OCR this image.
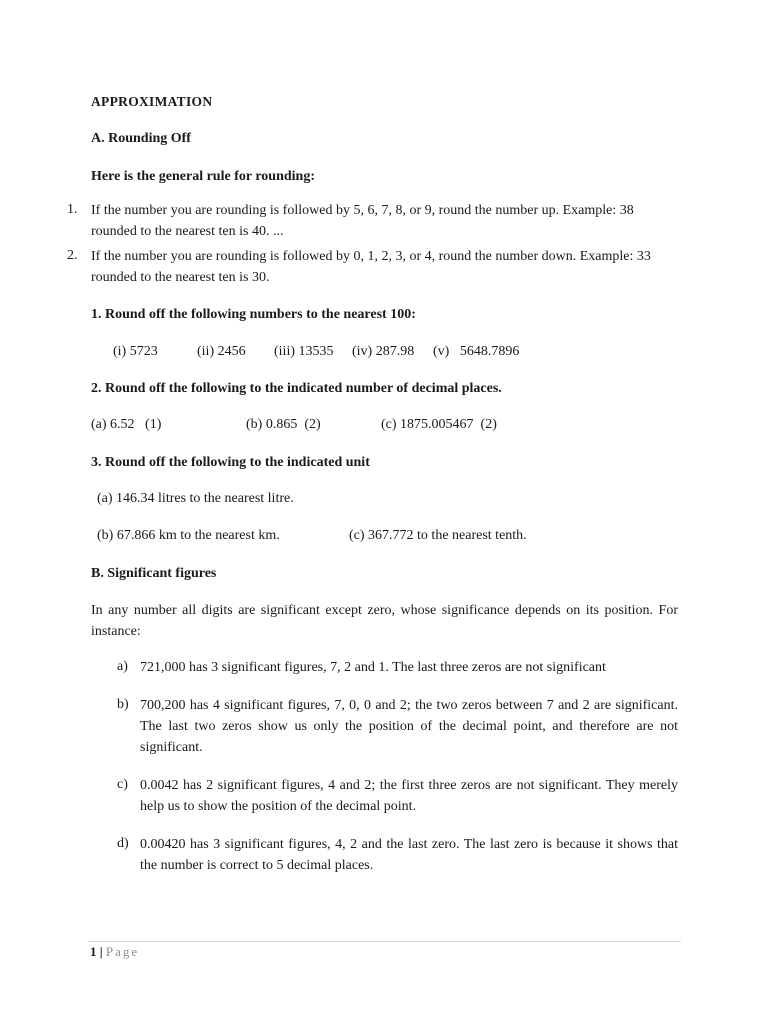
APPROXIMATION
A. Rounding Off
Here is the general rule for rounding:
1. If the number you are rounding is followed by 5, 6, 7, 8, or 9, round the number up. Example: 38 rounded to the nearest ten is 40. ...
2. If the number you are rounding is followed by 0, 1, 2, 3, or 4, round the number down. Example: 33 rounded to the nearest ten is 30.
1. Round off the following numbers to the nearest 100:
(i) 5723	(ii) 2456 (iii) 13535 (iv) 287.98 (v)   5648.7896
2. Round off the following to the indicated number of decimal places.
(a) 6.52   (1)	(b) 0.865  (2)	(c) 1875.005467  (2)
3. Round off the following to the indicated unit
(a) 146.34 litres to the nearest litre.
(b) 67.866 km to the nearest km.	(c) 367.772 to the nearest tenth.
B. Significant figures
In any number all digits are significant except zero, whose significance depends on its position. For instance:
a) 721,000 has 3 significant figures, 7, 2 and 1. The last three zeros are not significant
b) 700,200 has 4 significant figures, 7, 0, 0 and 2; the two zeros between 7 and 2 are significant. The last two zeros show us only the position of the decimal point, and therefore are not significant.
c) 0.0042 has 2 significant figures, 4 and 2; the first three zeros are not significant. They merely help us to show the position of the decimal point.
d) 0.00420 has 3 significant figures, 4, 2 and the last zero. The last zero is because it shows that the number is correct to 5 decimal places.
1 | Page
